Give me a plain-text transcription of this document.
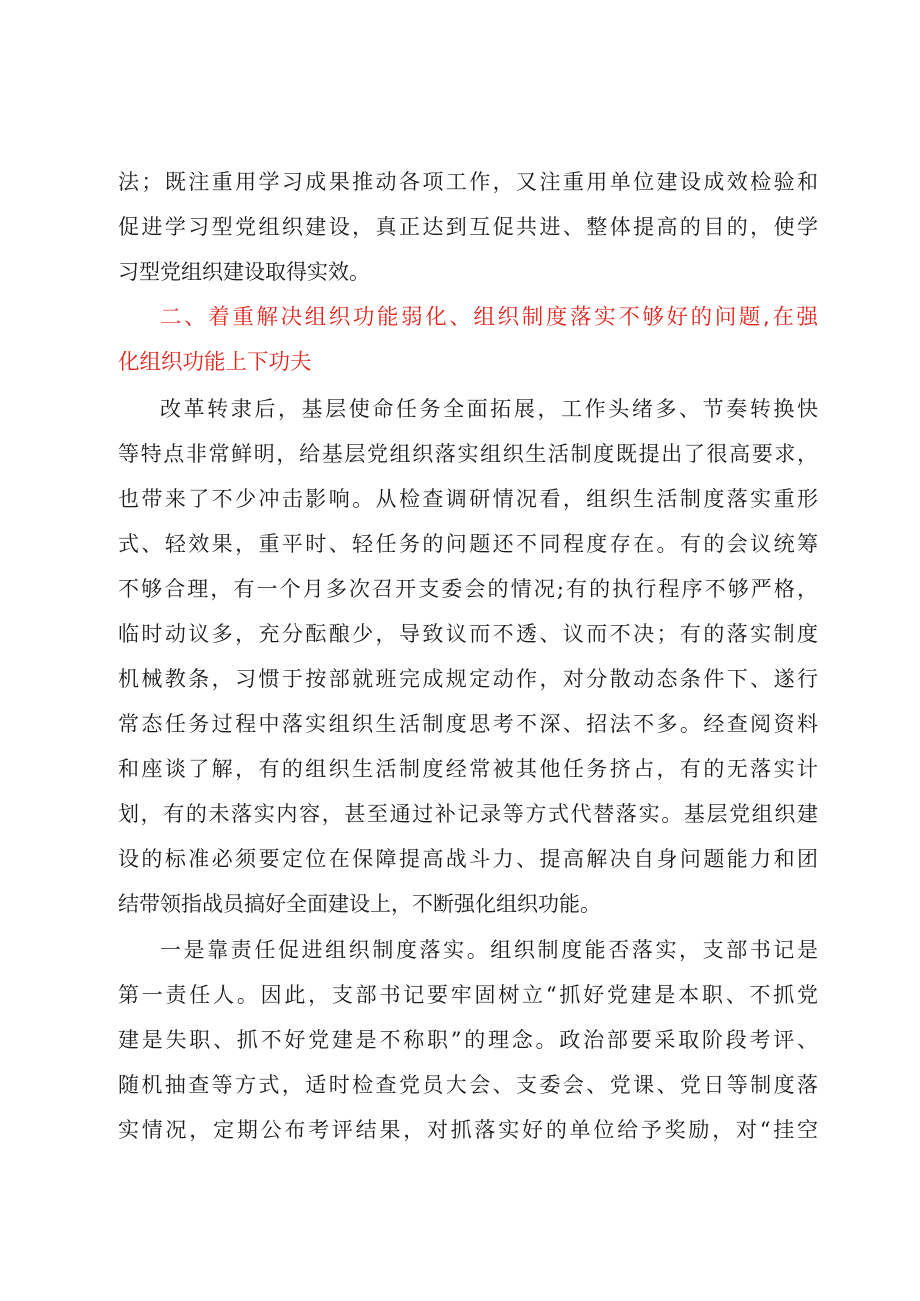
法；既注重用学习成果推动各项工作，又注重用单位建设成效检验和
促进学习型党组织建设，真正达到互促共进、整体提高的目的，使学
习型党组织建设取得实效。
二、着重解决组织功能弱化、组织制度落实不够好的问题,在强
化组织功能上下功夫
改革转隶后，基层使命任务全面拓展，工作头绪多、节奏转换快
等特点非常鲜明，给基层党组织落实组织生活制度既提出了很高要求，
也带来了不少冲击影响。从检查调研情况看，组织生活制度落实重形
式、轻效果，重平时、轻任务的问题还不同程度存在。有的会议统筹
不够合理，有一个月多次召开支委会的情况;有的执行程序不够严格，
临时动议多，充分酝酿少，导致议而不透、议而不决；有的落实制度
机械教条，习惯于按部就班完成规定动作，对分散动态条件下、遂行
常态任务过程中落实组织生活制度思考不深、招法不多。经查阅资料
和座谈了解，有的组织生活制度经常被其他任务挤占，有的无落实计
划，有的未落实内容，甚至通过补记录等方式代替落实。基层党组织建
设的标准必须要定位在保障提高战斗力、提高解决自身问题能力和团
结带领指战员搞好全面建设上，不断强化组织功能。
一是靠责任促进组织制度落实。组织制度能否落实，支部书记是
第一责任人。因此，支部书记要牢固树立“抓好党建是本职、不抓党
建是失职、抓不好党建是不称职”的理念。政治部要采取阶段考评、
随机抽查等方式，适时检查党员大会、支委会、党课、党日等制度落
实情况，定期公布考评结果，对抓落实好的单位给予奖励，对“挂空
